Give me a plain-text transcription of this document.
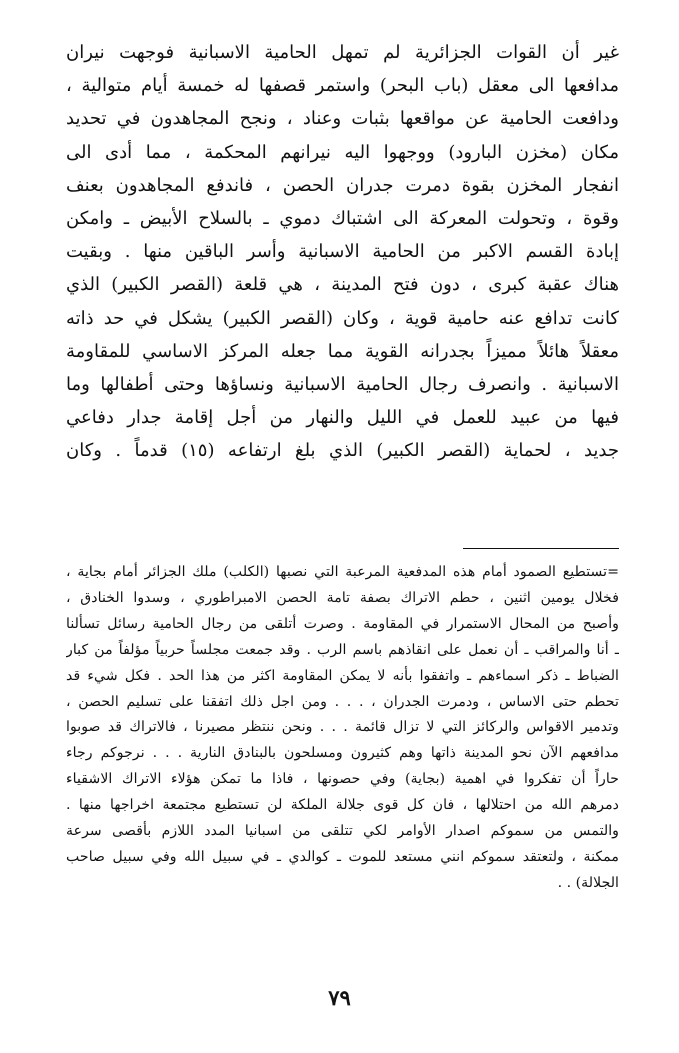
غير أن القوات الجزائرية لم تمهل الحامية الاسبانية فوجهت نيران
مدافعها الى معقل (باب البحر) واستمر قصفها له خمسة أيام متوالية ،
ودافعت الحامية عن مواقعها بثبات وعناد ، ونجح المجاهدون في تحديد
مكان (مخزن البارود) ووجهوا اليه نيرانهم المحكمة ، مما أدى الى
انفجار المخزن بقوة دمرت جدران الحصن ، فاندفع المجاهدون بعنف
وقوة ، وتحولت المعركة الى اشتباك دموي ـ بالسلاح الأبيض ـ وامكن
إبادة القسم الاكبر من الحامية الاسبانية وأسر الباقين منها . وبقيت
هناك عقبة كبرى ، دون فتح المدينة ، هي قلعة (القصر الكبير) الذي
كانت تدافع عنه حامية قوية ، وكان (القصر الكبير) يشكل في حد ذاته
معقلاً هائلاً مميزاً بجدرانه القوية مما جعله المركز الاساسي للمقاومة
الاسبانية . وانصرف رجال الحامية الاسبانية ونساؤها وحتى أطفالها وما
فيها من عبيد للعمل في الليل والنهار من أجل إقامة جدار دفاعي
جديد ، لحماية (القصر الكبير) الذي بلغ ارتفاعه (١٥) قدماً . وكان
=تستطيع الصمود أمام هذه المدفعية المرعبة التي نصبها (الكلب) ملك الجزائر أمام بجاية ،
فخلال يومين اثنين ، حطم الاتراك بصفة تامة الحصن الامبراطوري ، وسدوا الخنادق ،
وأصبح من المحال الاستمرار في المقاومة . وصرت أتلقى من رجال الحامية رسائل تسألنا
ـ أنا والمراقب ـ أن نعمل على انقاذهم باسم الرب . وقد جمعت مجلساً حربياً مؤلفاً من كبار
الضباط ـ ذكر اسماءهم ـ واتفقوا بأنه لا يمكن المقاومة اكثر من هذا الحد . فكل شيء قد
تحطم حتى الاساس ، ودمرت الجدران ، . . . ومن اجل ذلك اتفقنا على تسليم الحصن ،
وتدمير الاقواس والركائز التي لا تزال قائمة . . . ونحن ننتظر مصيرنا ، فالاتراك قد صوبوا
مدافعهم الآن نحو المدينة ذاتها وهم كثيرون ومسلحون بالبنادق النارية . . . نرجوكم رجاء
حاراً أن تفكروا في اهمية (بجاية) وفي حصونها ، فاذا ما تمكن هؤلاء الاتراك الاشقياء
دمرهم الله من احتلالها ، فان كل قوى جلالة الملكة لن تستطيع مجتمعة اخراجها منها .
والتمس من سموكم اصدار الأوامر لكي تتلقى من اسبانيا المدد اللازم بأقصى سرعة
ممكنة ، ولتعتقد سموكم انني مستعد للموت ـ كوالدي ـ في سبيل الله وفي سبيل صاحب
الجلالة) . .
٧٩
